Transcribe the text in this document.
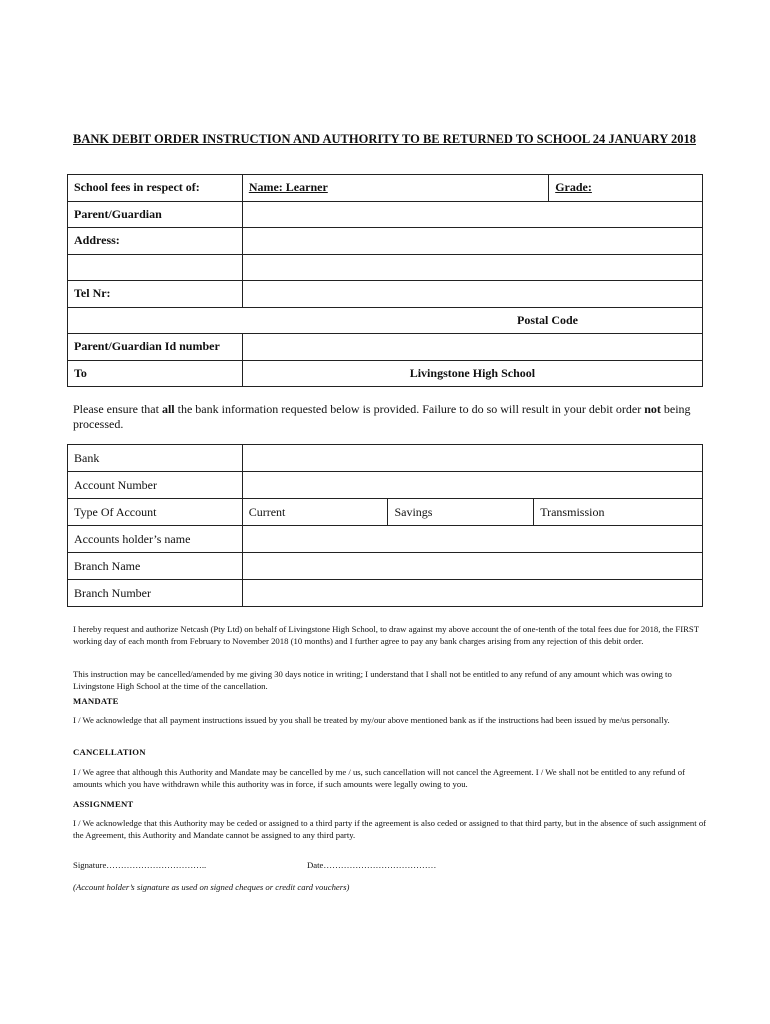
BANK DEBIT ORDER INSTRUCTION AND AUTHORITY TO BE RETURNED TO SCHOOL 24 JANUARY 2018
School fees in respect of:	Name: Learner	Grade:
Parent/Guardian		
Address:		

Tel Nr:		
Postal Code		
Parent/Guardian Id number		
To	Livingstone High School	
Please ensure that all the bank information requested below is provided. Failure to do so will result in your debit order not being processed.
Bank			
Account Number			
Type Of Account	Current	Savings	Transmission
Accounts holder’s name			
Branch Name			
Branch Number			
I hereby request and authorize Netcash (Pty Ltd) on behalf of Livingstone High School, to draw against my above account the of one-tenth of the total fees due for 2018, the FIRST working day of each month from February to November 2018 (10 months) and I further agree to pay any bank charges arising from any rejection of this debit order.
This instruction may be cancelled/amended by me giving 30 days notice in writing; I understand that I shall not be entitled to any refund of any amount which was owing to Livingstone High School at the time of the cancellation.
MANDATE
I / We acknowledge that all payment instructions issued by you shall be treated by my/our above mentioned bank as if the instructions had been issued by me/us personally.
CANCELLATION
I / We agree that although this Authority and Mandate may be cancelled by me / us, such cancellation will not cancel the Agreement. I / We shall not be entitled to any refund of amounts which you have withdrawn while this authority was in force, if such amounts were legally owing to you.
ASSIGNMENT
I / We acknowledge that this Authority may be ceded or assigned to a third party if the agreement is also ceded or assigned to that third party, but in the absence of such assignment of the Agreement, this Authority and Mandate cannot be assigned to any third party.
Signature……………………………..	Date…………………………………
(Account holder’s signature as used on signed cheques or credit card vouchers)
